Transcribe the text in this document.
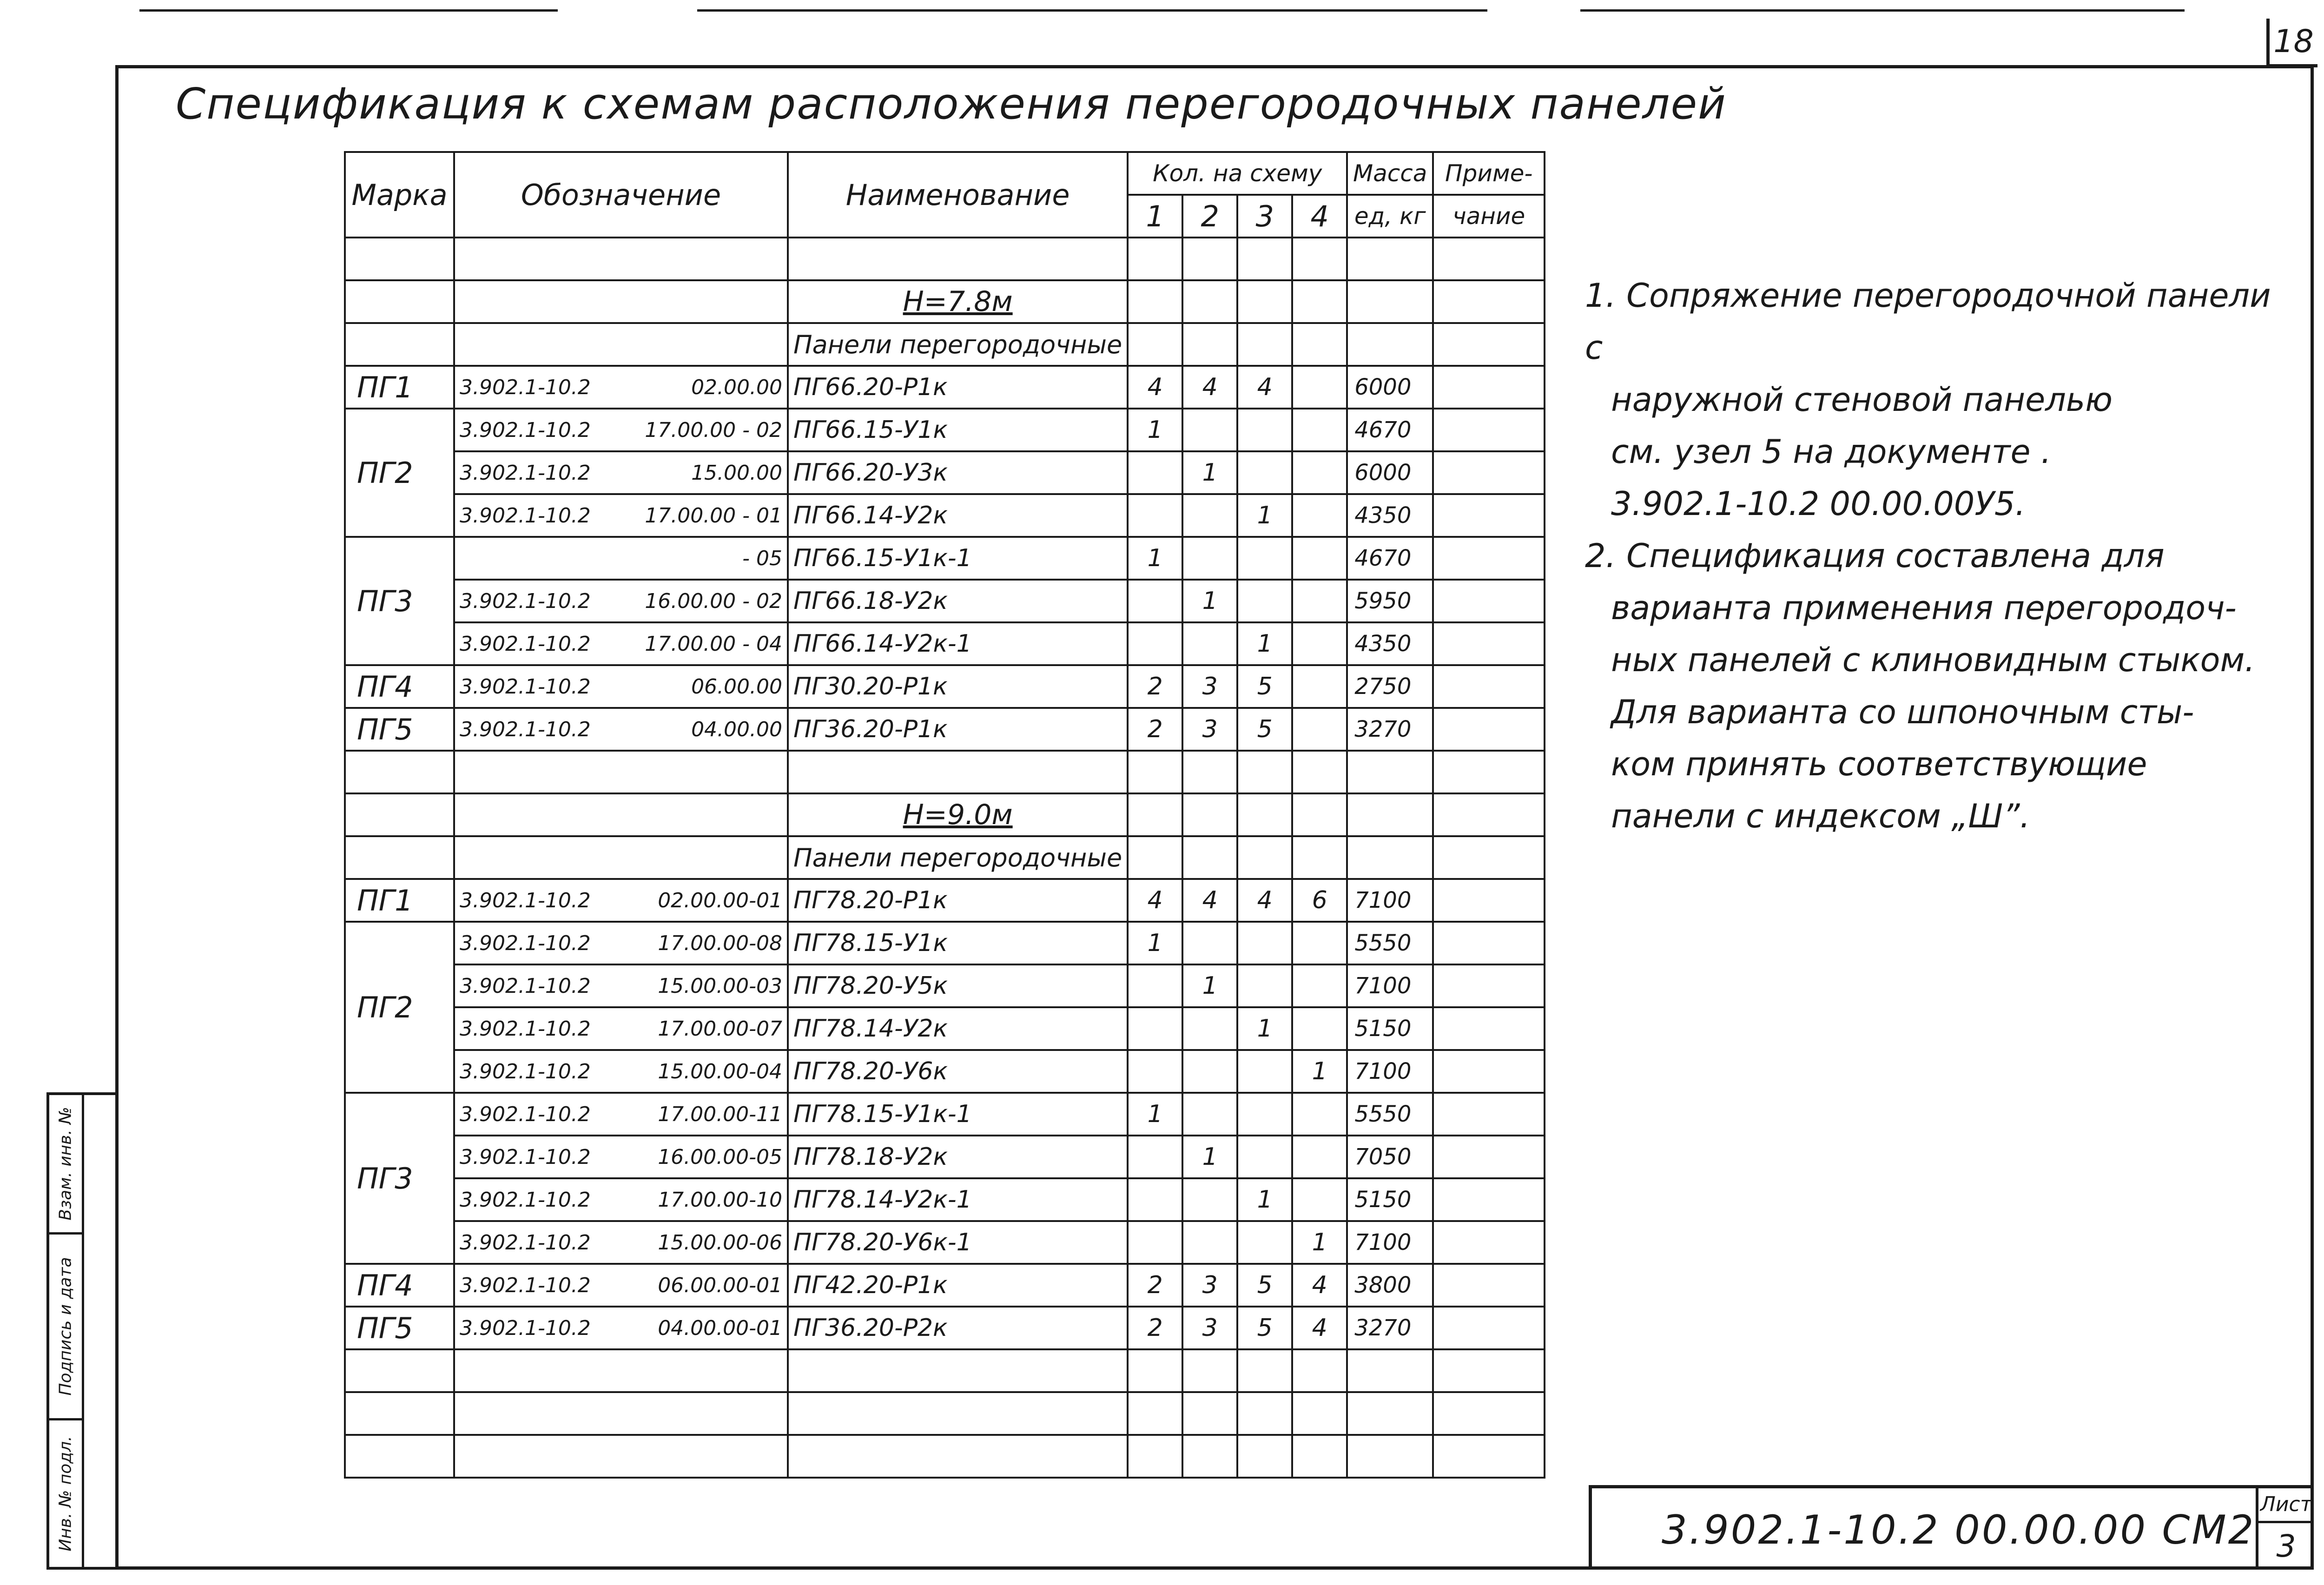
18
Спецификация к схемам расположения перегородочных панелей
Взам. инв. №
Подпись и дата
Инв. № подл.
Марка	Обозначение	Наименование	Кол. на схему				Масса	Приме-
			1	2	3	4	ед, кг	чание

		Н=7.8м						
		Панели перегородочные						
ПГ1	3.902.1-10.2 02.00.00	ПГ66.20-Р1к	4	4	4		6000	
ПГ2	3.902.1-10.2 17.00.00 - 02	ПГ66.15-У1к	1				4670	

	3.902.1-10.2 15.00.00	ПГ66.20-У3к		1			6000	

	3.902.1-10.2 17.00.00 - 01	ПГ66.14-У2к			1		4350	
ПГ3	- 05	ПГ66.15-У1к-1	1				4670	

	3.902.1-10.2 16.00.00 - 02	ПГ66.18-У2к		1			5950	

	3.902.1-10.2 17.00.00 - 04	ПГ66.14-У2к-1			1		4350	
ПГ4	3.902.1-10.2 06.00.00	ПГ30.20-Р1к	2	3	5		2750	
ПГ5	3.902.1-10.2 04.00.00	ПГ36.20-Р1к	2	3	5		3270	

		Н=9.0м						
		Панели перегородочные						
ПГ1	3.902.1-10.2 02.00.00-01	ПГ78.20-Р1к	4	4	4	6	7100	
ПГ2	3.902.1-10.2 17.00.00-08	ПГ78.15-У1к	1				5550	

	3.902.1-10.2 15.00.00-03	ПГ78.20-У5к		1			7100	

	3.902.1-10.2 17.00.00-07	ПГ78.14-У2к			1		5150	

	3.902.1-10.2 15.00.00-04	ПГ78.20-У6к				1	7100	
ПГ3	3.902.1-10.2 17.00.00-11	ПГ78.15-У1к-1	1				5550	

	3.902.1-10.2 16.00.00-05	ПГ78.18-У2к		1			7050	

	3.902.1-10.2 17.00.00-10	ПГ78.14-У2к-1			1		5150	

	3.902.1-10.2 15.00.00-06	ПГ78.20-У6к-1				1	7100	
ПГ4	3.902.1-10.2 06.00.00-01	ПГ42.20-Р1к	2	3	5	4	3800	
ПГ5	3.902.1-10.2 04.00.00-01	ПГ36.20-Р2к	2	3	5	4	3270	

1. Сопряжение перегородочной панели с

наружной стеновой панелью

см. узел 5 на документе .

3.902.1-10.2 00.00.00У5.

2. Спецификация составлена для

варианта применения перегородоч-

ных панелей с клиновидным стыком.

Для варианта со шпоночным сты-

ком принять соответствующие

панели с индексом „Ш”.

3.902.1-10.2 00.00.00 СМ2
Лист
3
